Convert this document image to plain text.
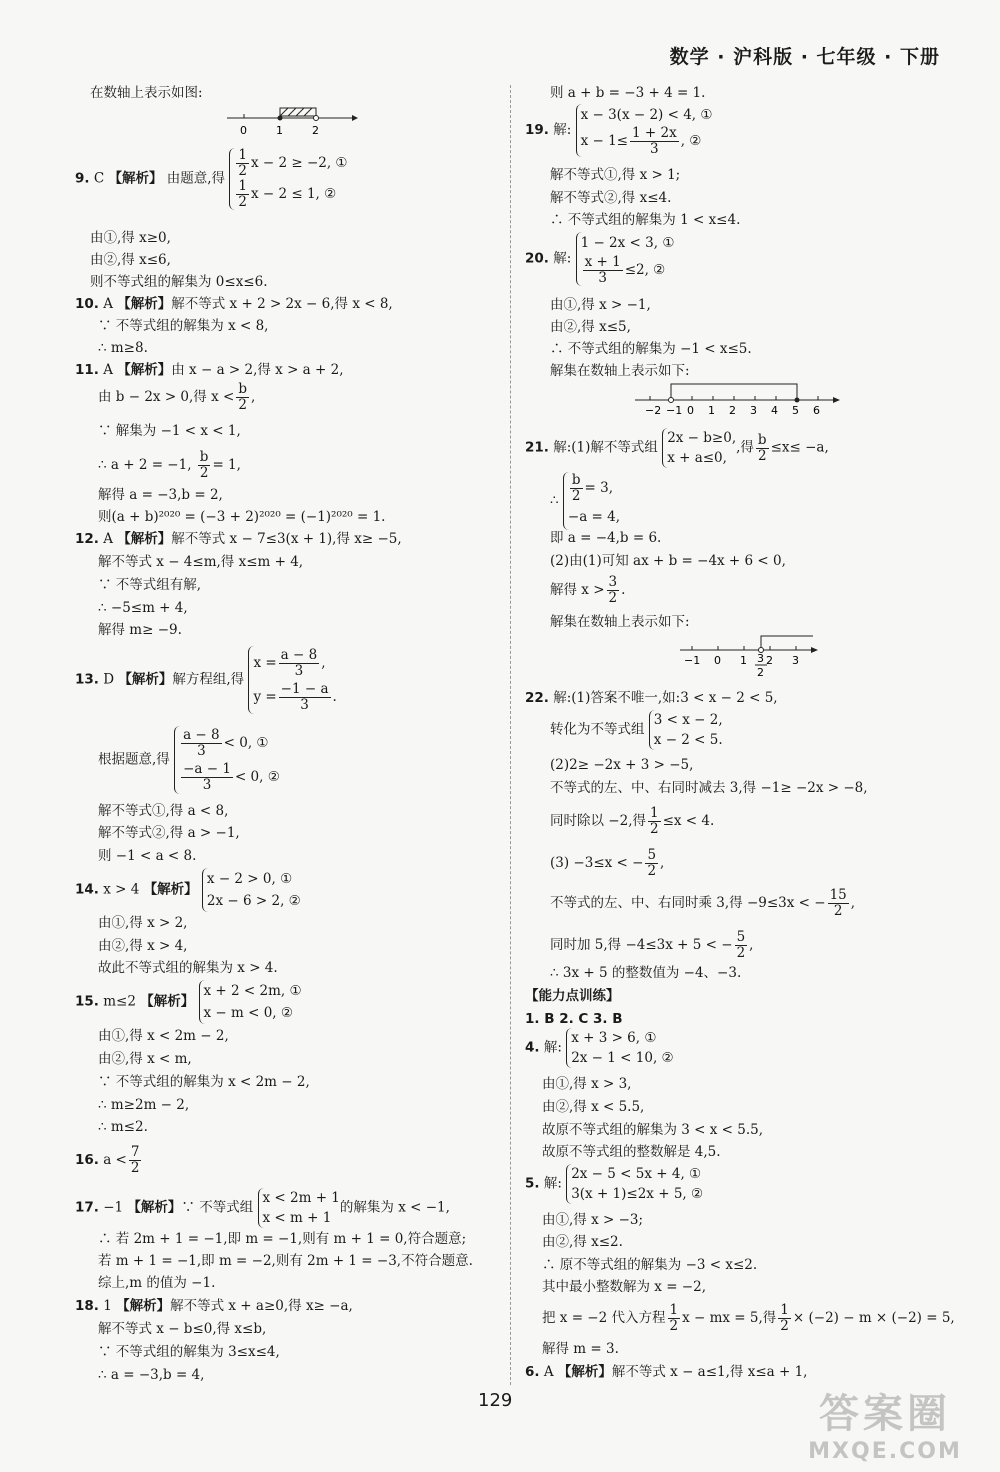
数学 · 沪科版 · 七年级 · 下册
在数轴上表示如图:
0	1	2
9. C 【解析】 由题意,得 $\frac{1}{2}$ x − 2 ≥ −2, ①
$\frac{1}{2}$ x − 2 ≤ 1, ②
由①,得 x≥0,
由②,得 x≤6,
则不等式组的解集为 0≤x≤6.
10. A 【解析】解不等式 x + 2 > 2x − 6,得 x < 8,
∵ 不等式组的解集为 x < 8,
∴ m≥8.
11. A 【解析】由 x − a > 2,得 x > a + 2,
由 b − 2x > 0,得 $x < \frac{b}{2}$ ,
∵ 解集为 −1 < x < 1,
∴ a + 2 = −1, $\frac{b}{2} = 1$,
解得 a = −3,b = 2,
则(a + b)²⁰²⁰ = (−3 + 2)²⁰²⁰ = (−1)²⁰²⁰ = 1.
12. A 【解析】解不等式 x − 7≤3(x + 1),得 x≥ −5,
解不等式 x − 4≤m,得 x≤m + 4,
∵ 不等式组有解,
∴ −5≤m + 4,
解得 m≥ −9.
13. D 【解析】解方程组,得
$x = \frac{a - 8}{3}$ ,
$y = \frac{-1 - a}{3}$ .
根据题意,得
$\frac{a - 8}{3} < 0$, ①
$\frac{-a - 1}{3} < 0$, ②
解不等式①,得 a < 8,
解不等式②,得 a > −1,
则 −1 < a < 8.
14. x > 4 【解析】
x − 2 > 0, ①
2x − 6 > 2, ②
由①,得 x > 2,
由②,得 x > 4,
故此不等式组的解集为 x > 4.
15. m≤2 【解析】
x + 2 < 2m, ①
x − m < 0, ②
由①,得 x < 2m − 2,
由②,得 x < m,
∵ 不等式组的解集为 x < 2m − 2,
∴ m≥2m − 2,
∴ m≤2.
16. $a < \frac{7}{2}$
17. −1 【解析】∵ 不等式组
x < 2m + 1
x < m + 1
的解集为 x < −1,
∴ 若 2m + 1 = −1,即 m = −1,则有 m + 1 = 0,符合题意;
若 m + 1 = −1,即 m = −2,则有 2m + 1 = −3,不符合题意.
综上,m 的值为 −1.
18. 1 【解析】解不等式 x + a≥0,得 x≥ −a,
解不等式 x − b≤0,得 x≤b,
∵ 不等式组的解集为 3≤x≤4,
∴ a = −3,b = 4,
则 a + b = −3 + 4 = 1.
19. 解:
x − 3(x − 2) < 4, ①
$x - 1\le \frac{1 + 2x}{3}$ , ②
解不等式①,得 x > 1;
解不等式②,得 x≤4.
∴ 不等式组的解集为 1 < x≤4.
20. 解:
1 − 2x < 3, ①
$\frac{x + 1}{3} \le 2$, ②
由①,得 x > −1,
由②,得 x≤5,
∴ 不等式组的解集为 −1 < x≤5.
解集在数轴上表示如下:
−2 −1 0 1 2 3 4 5 6
21. 解:(1)解不等式组
2x − b≥0,
x + a≤0,
,得 $\frac{b}{2} \le x\le -a$,
∴ $\frac{b}{2} = 3$,
−a = 4,
即 a = −4,b = 6.
(2)由(1)可知 ax + b = −4x + 6 < 0,
解得 $x > \frac{3}{2}$ .
解集在数轴上表示如下:
−1 0 1 2 3
3
2
22. 解:(1)答案不唯一,如:3 < x − 2 < 5,
转化为不等式组
3 < x − 2,
x − 2 < 5.
(2)2≥ −2x + 3 > −5,
不等式的左、中、右同时减去 3,得 −1≥ −2x > −8,
同时除以 −2,得 $\frac{1}{2} \le x < 4$.
(3) −3≤x < − $\frac{5}{2}$ ,
不等式的左、中、右同时乘 3,得 −9≤3x < − $\frac{15}{2}$ ,
同时加 5,得 −4≤3x + 5 < − $\frac{5}{2}$ ,
∴ 3x + 5 的整数值为 −4、−3.
【能力点训练】
1. B 2. C 3. B
4. 解:
x + 3 > 6, ①
2x − 1 < 10, ②
由①,得 x > 3,
由②,得 x < 5.5,
故原不等式组的解集为 3 < x < 5.5,
故原不等式组的整数解是 4,5.
5. 解:
2x − 5 < 5x + 4, ①
3(x + 1)≤2x + 5, ②
由①,得 x > −3;
由②,得 x≤2.
∴ 原不等式组的解集为 −3 < x≤2.
其中最小整数解为 x = −2,
把 x = −2 代入方程 $\frac{1}{2}$ x − mx = 5,得 $\frac{1}{2} \times (-2) - m \times (-2) = 5$,
解得 m = 3.
6. A 【解析】解不等式 x − a≤1,得 x≤a + 1,
129	答案圈
MXQE.COM
